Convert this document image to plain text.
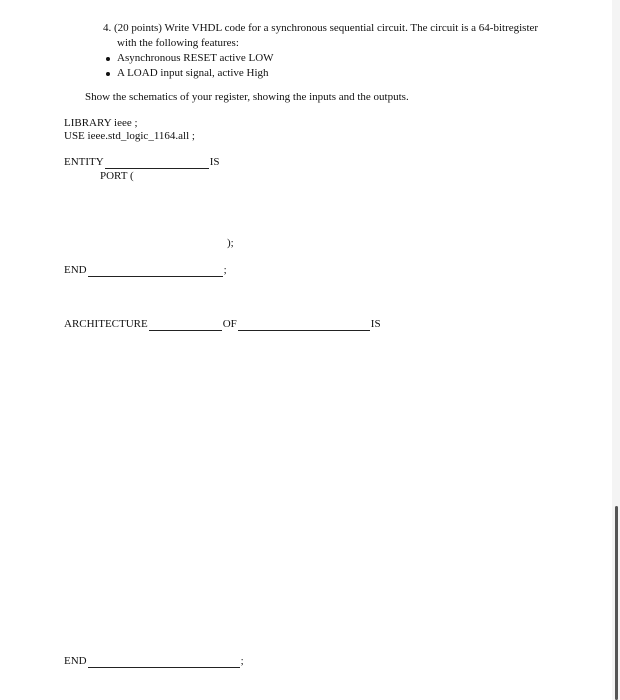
4. (20 points) Write VHDL code for a synchronous sequential circuit. The circuit is a 64-bitregister
with the following features:
Asynchronous RESET active LOW
A LOAD input signal, active High
Show the schematics of your register, showing the inputs and the outputs.
LIBRARY ieee ;
USE ieee.std_logic_1164.all ;
ENTITY	IS
PORT (
);
END	;
ARCHITECTURE	OF	IS
END	;
